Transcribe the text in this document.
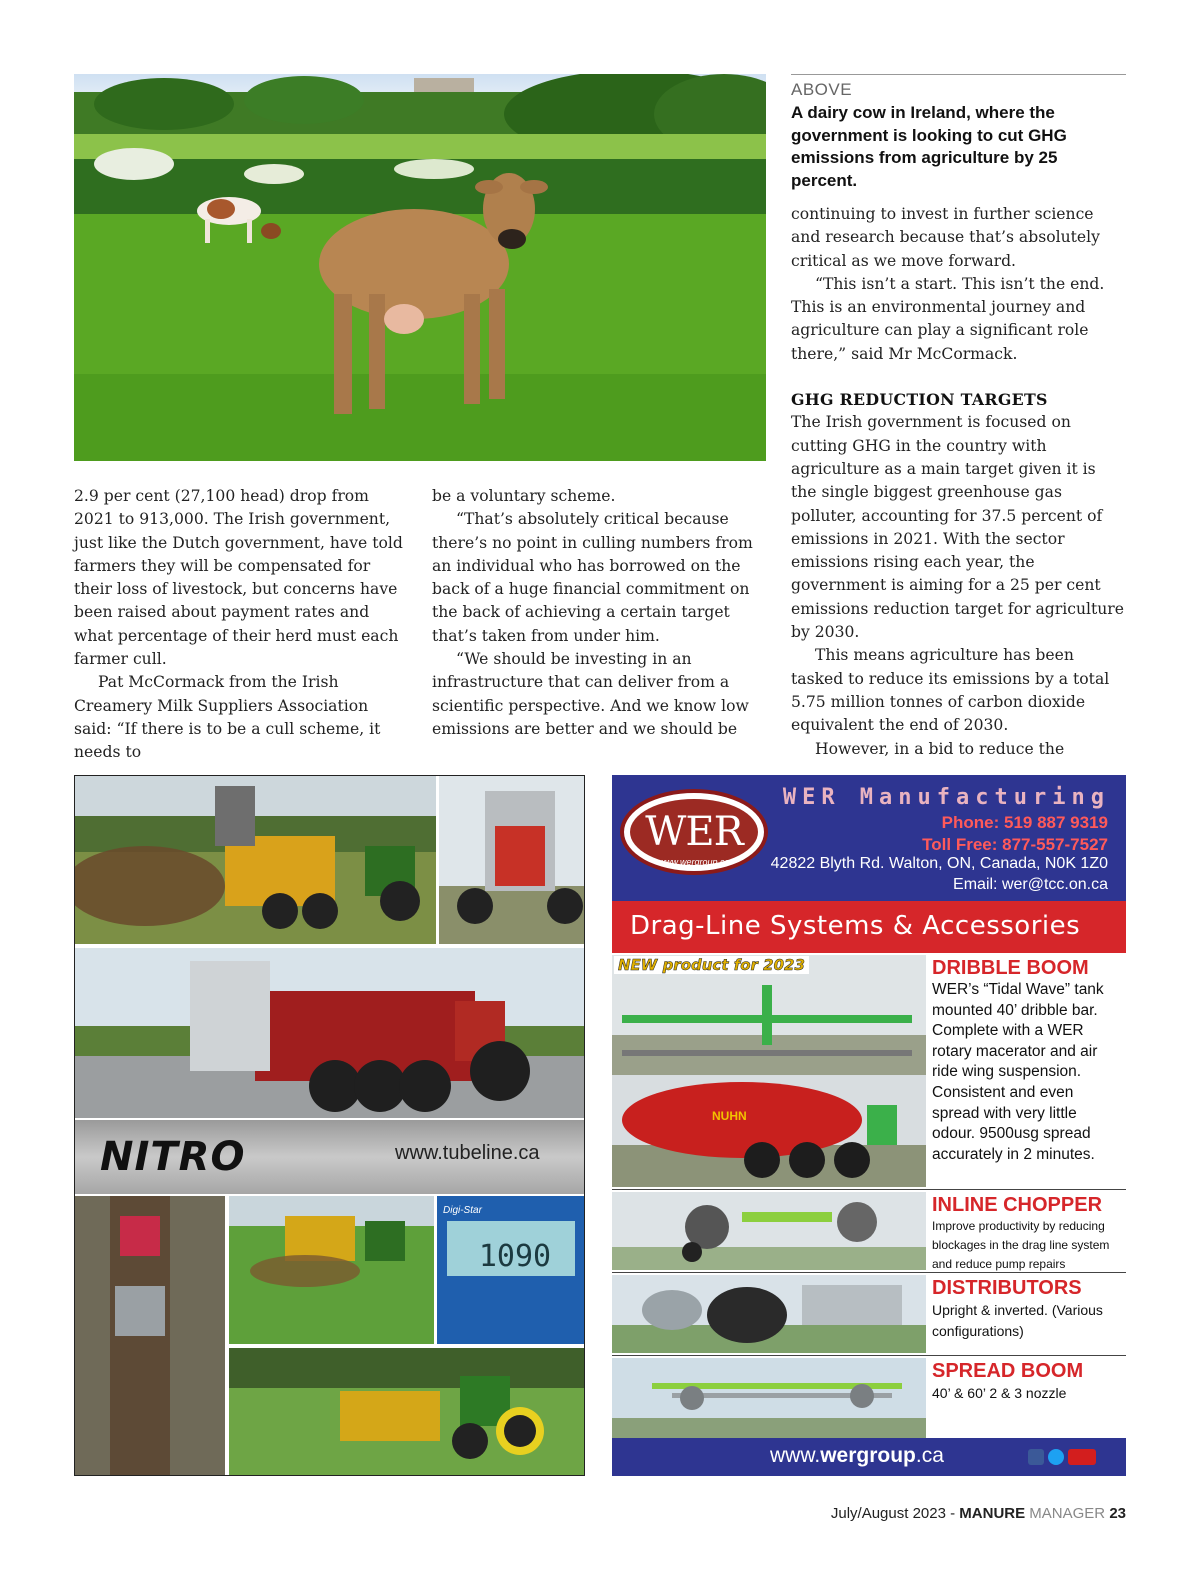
ABOVE
A dairy cow in Ireland, where the government is looking to cut GHG emissions from agriculture by 25 percent.

continuing to invest in further science and research because that’s absolutely critical as we move forward.

“This isn’t a start. This isn’t the end. This is an environmental journey and agriculture can play a significant role there,” said Mr McCormack.

GHG REDUCTION TARGETS

The Irish government is focused on cutting GHG in the country with agriculture as a main target given it is the single biggest greenhouse gas polluter, accounting for 37.5 percent of emissions in 2021. With the sector emissions rising each year, the government is aiming for a 25 per cent emissions reduction target for agriculture by 2030.

This means agriculture has been tasked to reduce its emissions by a total 5.75 million tonnes of carbon dioxide equivalent the end of 2030.

However, in a bid to reduce the

2.9 per cent (27,100 head) drop from 2021 to 913,000. The Irish government, just like the Dutch government, have told farmers they will be compensated for their loss of livestock, but concerns have been raised about payment rates and what percentage of their herd must each farmer cull.

Pat McCormack from the Irish Creamery Milk Suppliers Association said: “If there is to be a cull scheme, it needs to

be a voluntary scheme.

“That’s absolutely critical because there’s no point in culling numbers from an individual who has borrowed on the back of a huge financial commitment on the back of achieving a certain target that’s taken from under him.

“We should be investing in an infrastructure that can deliver from a scientific perspective. And we know low emissions are better and we should be

1090
Digi-Star
NITRO	www.tubeline.ca
WER
www.wergroup.ca
WER Manufacturing
Phone: 519 887 9319
Toll Free: 877-557-7527
42822 Blyth Rd. Walton, ON, Canada, N0K 1Z0
Email: wer@tcc.on.ca
Drag-Line Systems & Accessories
NUHN
DRIBBLE BOOM
WER’s “Tidal Wave” tank mounted 40’ dribble bar. Complete with a WER rotary macerator and air ride wing suspension. Consistent and even spread with very little odour. 9500usg spread accurately in 2 minutes.
NEW product for 2023
INLINE CHOPPER
Improve productivity by reducing blockages in the drag line system and reduce pump repairs
DISTRIBUTORS
Upright & inverted. (Various configurations)
SPREAD BOOM
40’ & 60’ 2 & 3 nozzle
www.wergroup.ca
July/August 2023 - MANURE MANAGER 23
